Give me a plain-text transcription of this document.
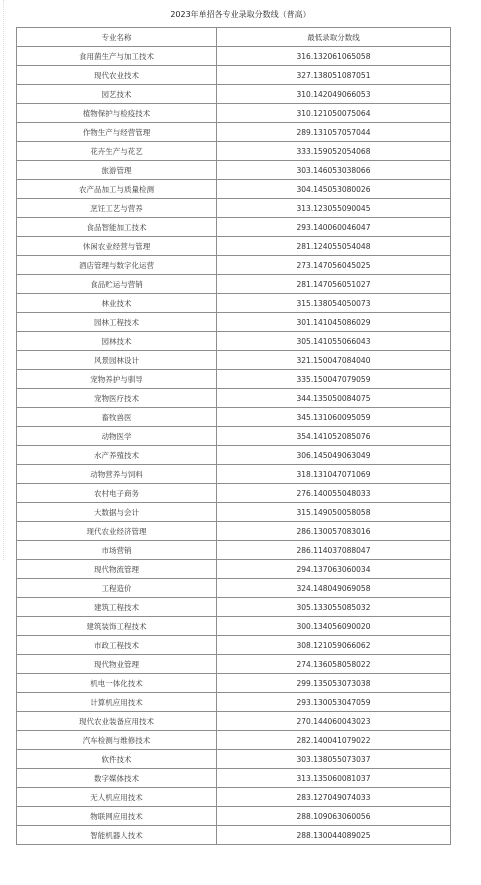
2023年单招各专业录取分数线（普高）
专业名称	最低录取分数线
食用菌生产与加工技术	316.132061065058
现代农业技术	327.138051087051
园艺技术	310.142049066053
植物保护与检疫技术	310.121050075064
作物生产与经营管理	289.131057057044
花卉生产与花艺	333.159052054068
旅游管理	303.146053038066
农产品加工与质量检测	304.145053080026
烹饪工艺与营养	313.123055090045
食品智能加工技术	293.140060046047
休闲农业经营与管理	281.124055054048
酒店管理与数字化运营	273.147056045025
食品贮运与营销	281.147056051027
林业技术	315.138054050073
园林工程技术	301.141045086029
园林技术	305.141055066043
风景园林设计	321.150047084040
宠物养护与驯导	335.150047079059
宠物医疗技术	344.135050084075
畜牧兽医	345.131060095059
动物医学	354.141052085076
水产养殖技术	306.145049063049
动物营养与饲料	318.131047071069
农村电子商务	276.140055048033
大数据与会计	315.149050058058
现代农业经济管理	286.130057083016
市场营销	286.114037088047
现代物流管理	294.137063060034
工程造价	324.148049069058
建筑工程技术	305.133055085032
建筑装饰工程技术	300.134056090020
市政工程技术	308.121059066062
现代物业管理	274.136058058022
机电一体化技术	299.135053073038
计算机应用技术	293.130053047059
现代农业装备应用技术	270.144060043023
汽车检测与维修技术	282.140041079022
软件技术	303.138055073037
数字媒体技术	313.135060081037
无人机应用技术	283.127049074033
物联网应用技术	288.109063060056
智能机器人技术	288.130044089025
